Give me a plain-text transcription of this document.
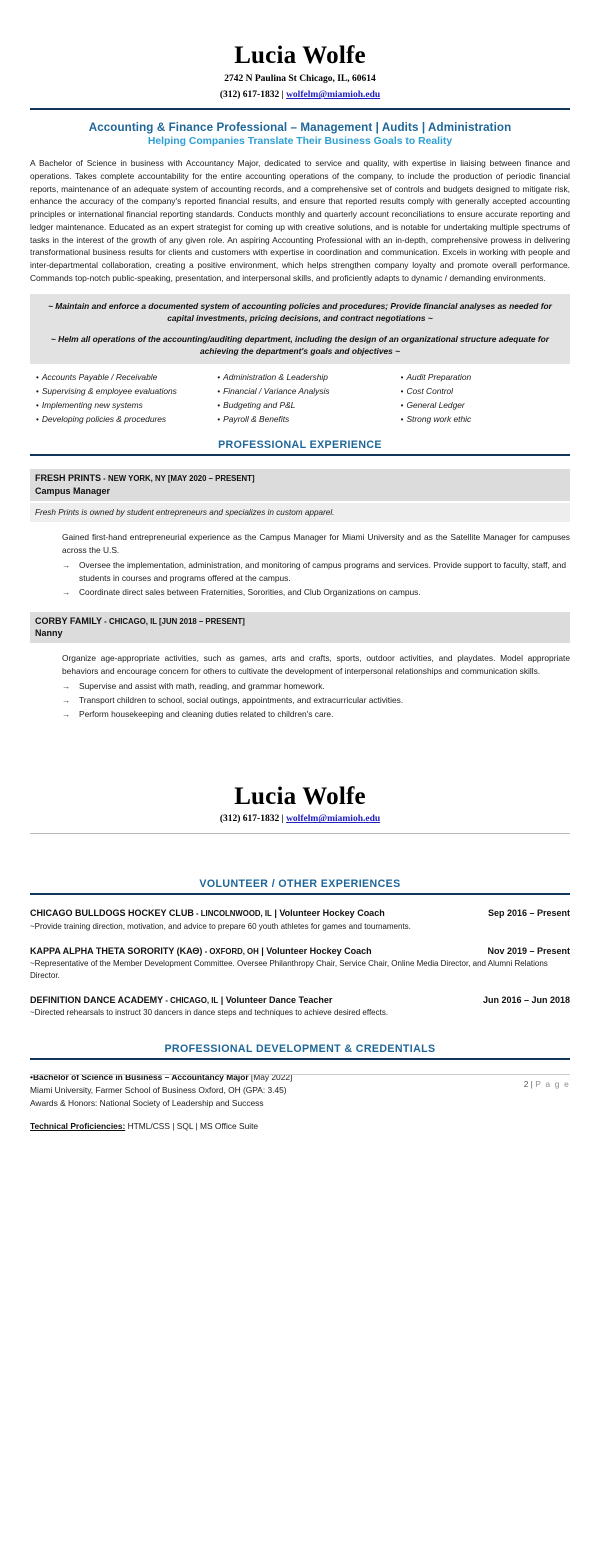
Lucia Wolfe
2742 N Paulina St Chicago, IL, 60614
(312) 617-1832 | wolfelm@miamioh.edu
Accounting & Finance Professional – Management | Audits | Administration
Helping Companies Translate Their Business Goals to Reality
A Bachelor of Science in business with Accountancy Major, dedicated to service and quality, with expertise in liaising between finance and operations. Takes complete accountability for the entire accounting operations of the company, to include the production of periodic financial reports, maintenance of an adequate system of accounting records, and a comprehensive set of controls and budgets designed to mitigate risk, enhance the accuracy of the company's reported financial results, and ensure that reported results comply with generally accepted accounting principles or international financial reporting standards. Conducts monthly and quarterly account reconciliations to ensure accurate reporting and ledger maintenance. Educated as an expert strategist for coming up with creative solutions, and is notable for undertaking multiple spectrums of tasks in the interest of the growth of any given role. An aspiring Accounting Professional with an in-depth, comprehensive prowess in delivering transformational business results for clients and customers with expertise in coordination and communication. Excels in working with people and inter-departmental collaboration, creating a positive environment, which helps strengthen company loyalty and promote overall performance. Commands top-notch public-speaking, presentation, and interpersonal skills, and proficiently adapts to dynamic / demanding environments.

~ Maintain and enforce a documented system of accounting policies and procedures; Provide financial analyses as needed for capital investments, pricing decisions, and contract negotiations ~

~ Helm all operations of the accounting/auditing department, including the design of an organizational structure adequate for achieving the department's goals and objectives ~

• Accounts Payable / Receivable
• Supervising & employee evaluations
• Implementing new systems
• Developing policies & procedures
• Administration & Leadership
• Financial / Variance Analysis
• Budgeting and P&L
• Payroll & Benefits
• Audit Preparation
• Cost Control
• General Ledger
• Strong work ethic
PROFESSIONAL EXPERIENCE
FRESH PRINTS - NEW YORK, NY [MAY 2020 – PRESENT]
Campus Manager
Fresh Prints is owned by student entrepreneurs and specializes in custom apparel.
Gained first-hand entrepreneurial experience as the Campus Manager for Miami University and as the Satellite Manager for campuses across the U.S.
→	Oversee the implementation, administration, and monitoring of campus programs and services. Provide support to faculty, staff, and students in courses and programs offered at the campus.
→	Coordinate direct sales between Fraternities, Sororities, and Club Organizations on campus.
CORBY FAMILY - CHICAGO, IL [JUN 2018 – PRESENT]
Nanny
Organize age-appropriate activities, such as games, arts and crafts, sports, outdoor activities, and playdates. Model appropriate behaviors and encourage concern for others to cultivate the development of interpersonal relationships and communication skills.
→	Supervise and assist with math, reading, and grammar homework.
→	Transport children to school, social outings, appointments, and extracurricular activities.
→	Perform housekeeping and cleaning duties related to children's care.
Lucia Wolfe
(312) 617-1832 | wolfelm@miamioh.edu
VOLUNTEER / OTHER EXPERIENCES
CHICAGO BULLDOGS HOCKEY CLUB - LINCOLNWOOD, IL | Volunteer Hockey Coach	Sep 2016 – Present
~Provide training direction, motivation, and advice to prepare 60 youth athletes for games and tournaments.
KAPPA ALPHA THETA SORORITY (ΚΑΘ) - OXFORD, OH | Volunteer Hockey Coach	Nov 2019 – Present
~Representative of the Member Development Committee. Oversee Philanthropy Chair, Service Chair, Online Media Director, and Alumni Relations Director.
DEFINITION DANCE ACADEMY - CHICAGO, IL | Volunteer Dance Teacher	Jun 2016 – Jun 2018
~Directed rehearsals to instruct 30 dancers in dance steps and techniques to achieve desired effects.
PROFESSIONAL DEVELOPMENT & CREDENTIALS
•Bachelor of Science in Business – Accountancy Major [May 2022]
Miami University, Farmer School of Business Oxford, OH (GPA: 3.45)
Awards & Honors: National Society of Leadership and Success
Technical Proficiencies: HTML/CSS | SQL | MS Office Suite
2 | P a g e
